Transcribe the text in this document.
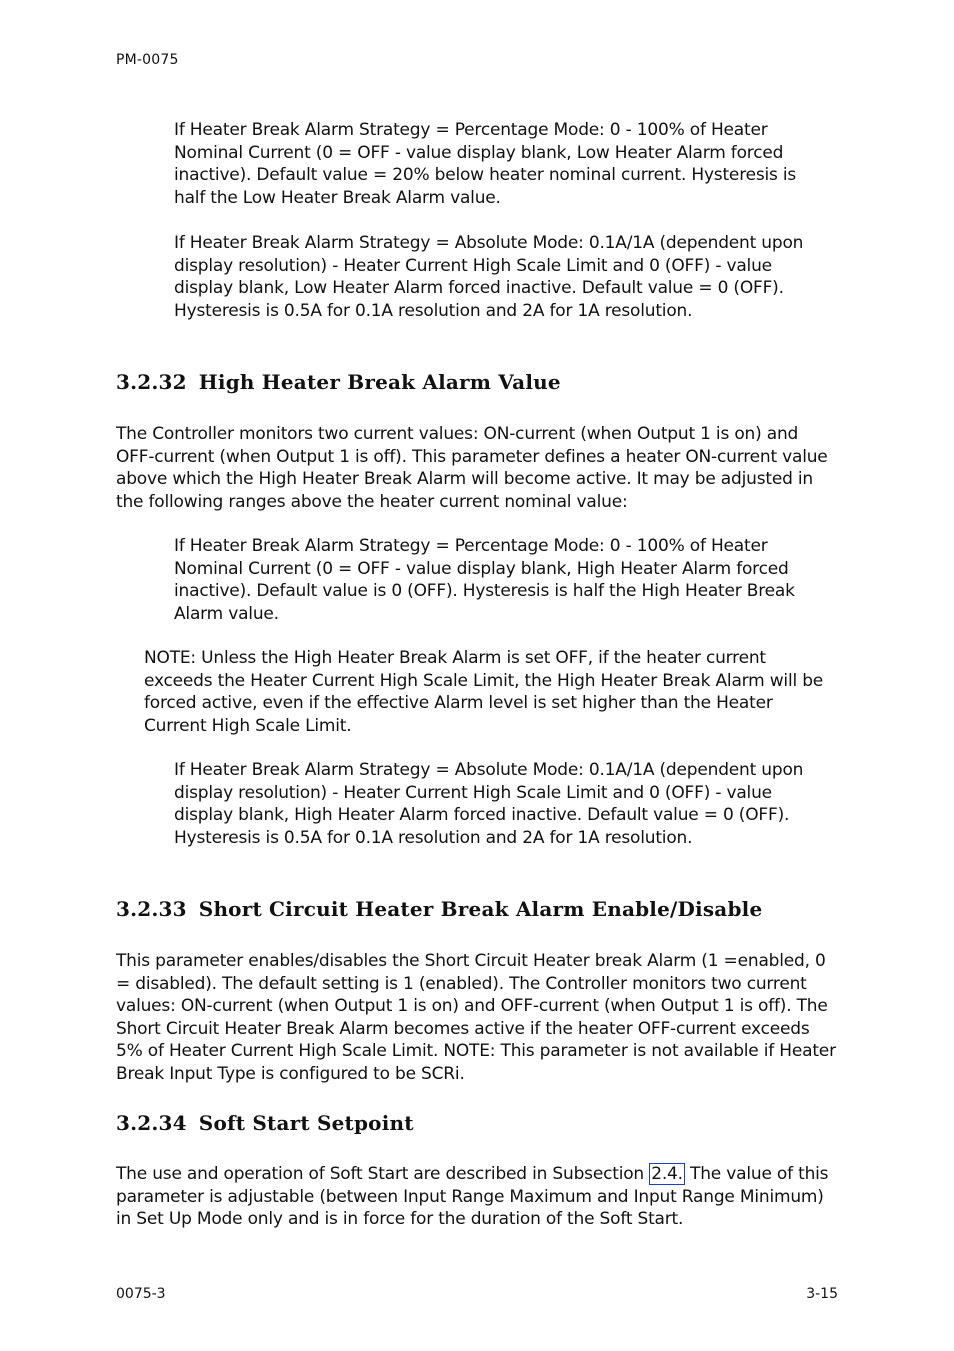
PM-0075

If Heater Break Alarm Strategy = Percentage Mode: 0 - 100% of Heater Nominal Current (0 = OFF - value display blank, Low Heater Alarm forced inactive). Default value = 20% below heater nominal current. Hysteresis is half the Low Heater Break Alarm value.

If Heater Break Alarm Strategy = Absolute Mode: 0.1A/1A (dependent upon display resolution) - Heater Current High Scale Limit and 0 (OFF) - value display blank, Low Heater Alarm forced inactive. Default value = 0 (OFF). Hysteresis is 0.5A for 0.1A resolution and 2A for 1A resolution.

3.2.32 High Heater Break Alarm Value

The Controller monitors two current values: ON-current (when Output 1 is on) and OFF-current (when Output 1 is off). This parameter defines a heater ON-current value above which the High Heater Break Alarm will become active. It may be adjusted in the following ranges above the heater current nominal value:

If Heater Break Alarm Strategy = Percentage Mode: 0 - 100% of Heater Nominal Current (0 = OFF - value display blank, High Heater Alarm forced inactive). Default value is 0 (OFF). Hysteresis is half the High Heater Break Alarm value.

NOTE: Unless the High Heater Break Alarm is set OFF, if the heater current exceeds the Heater Current High Scale Limit, the High Heater Break Alarm will be forced active, even if the effective Alarm level is set higher than the Heater Current High Scale Limit.

If Heater Break Alarm Strategy = Absolute Mode: 0.1A/1A (dependent upon display resolution) - Heater Current High Scale Limit and 0 (OFF) - value display blank, High Heater Alarm forced inactive. Default value = 0 (OFF). Hysteresis is 0.5A for 0.1A resolution and 2A for 1A resolution.

3.2.33 Short Circuit Heater Break Alarm Enable/Disable

This parameter enables/disables the Short Circuit Heater break Alarm (1 =enabled, 0 = disabled). The default setting is 1 (enabled). The Controller monitors two current values: ON-current (when Output 1 is on) and OFF-current (when Output 1 is off). The Short Circuit Heater Break Alarm becomes active if the heater OFF-current exceeds 5% of Heater Current High Scale Limit. NOTE: This parameter is not available if Heater Break Input Type is configured to be SCRi.

3.2.34 Soft Start Setpoint

The use and operation of Soft Start are described in Subsection 2.4. The value of this parameter is adjustable (between Input Range Maximum and Input Range Minimum) in Set Up Mode only and is in force for the duration of the Soft Start.

0075-3	3-15
